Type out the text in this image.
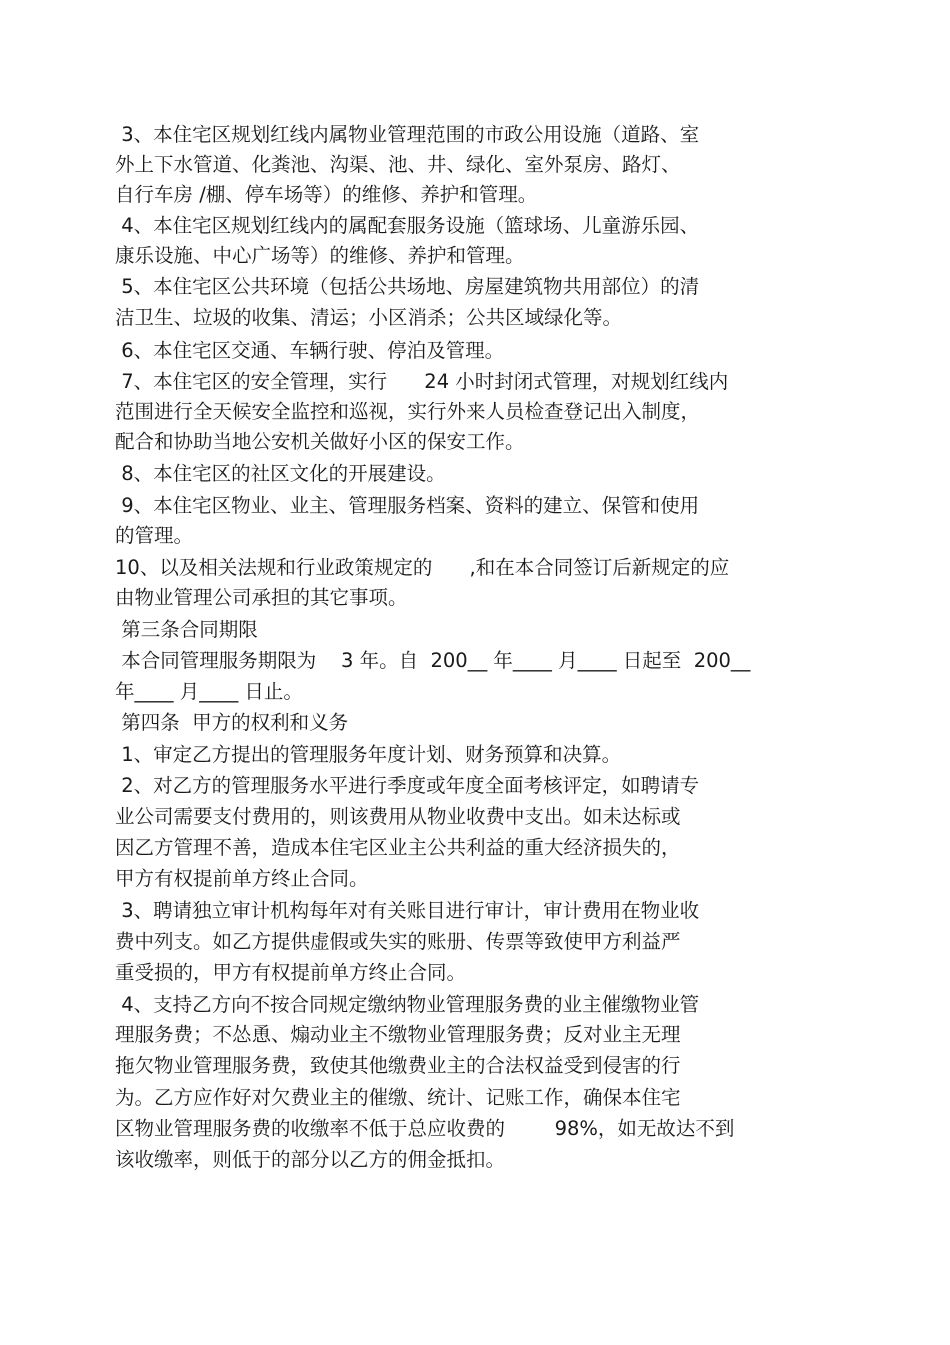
3、本住宅区规划红线内属物业管理范围的市政公用设施（道路、室
外上下水管道、化粪池、沟渠、池、井、绿化、室外泵房、路灯、
自行车房 /棚、停车场等）的维修、养护和管理。
4、本住宅区规划红线内的属配套服务设施（篮球场、儿童游乐园、
康乐设施、中心广场等）的维修、养护和管理。
5、本住宅区公共环境（包括公共场地、房屋建筑物共用部位）的清
洁卫生、垃圾的收集、清运；小区消杀；公共区域绿化等。
6、本住宅区交通、车辆行驶、停泊及管理。
7、本住宅区的安全管理，实行      24 小时封闭式管理，对规划红线内
范围进行全天候安全监控和巡视，实行外来人员检查登记出入制度，
配合和协助当地公安机关做好小区的保安工作。
8、本住宅区的社区文化的开展建设。
9、本住宅区物业、业主、管理服务档案、资料的建立、保管和使用
的管理。
10、以及相关法规和行业政策规定的      ,和在本合同签订后新规定的应
由物业管理公司承担的其它事项。
第三条合同期限
本合同管理服务期限为    3 年。自  200__ 年____ 月____ 日起至  200__
年____ 月____ 日止。
第四条  甲方的权利和义务
1、审定乙方提出的管理服务年度计划、财务预算和决算。
2、对乙方的管理服务水平进行季度或年度全面考核评定，如聘请专
业公司需要支付费用的，则该费用从物业收费中支出。如未达标或
因乙方管理不善，造成本住宅区业主公共利益的重大经济损失的，
甲方有权提前单方终止合同。
3、聘请独立审计机构每年对有关账目进行审计，审计费用在物业收
费中列支。如乙方提供虚假或失实的账册、传票等致使甲方利益严
重受损的，甲方有权提前单方终止合同。
4、支持乙方向不按合同规定缴纳物业管理服务费的业主催缴物业管
理服务费；不怂恿、煽动业主不缴物业管理服务费；反对业主无理
拖欠物业管理服务费，致使其他缴费业主的合法权益受到侵害的行
为。乙方应作好对欠费业主的催缴、统计、记账工作，确保本住宅
区物业管理服务费的收缴率不低于总应收费的        98%，如无故达不到
该收缴率，则低于的部分以乙方的佣金抵扣。
